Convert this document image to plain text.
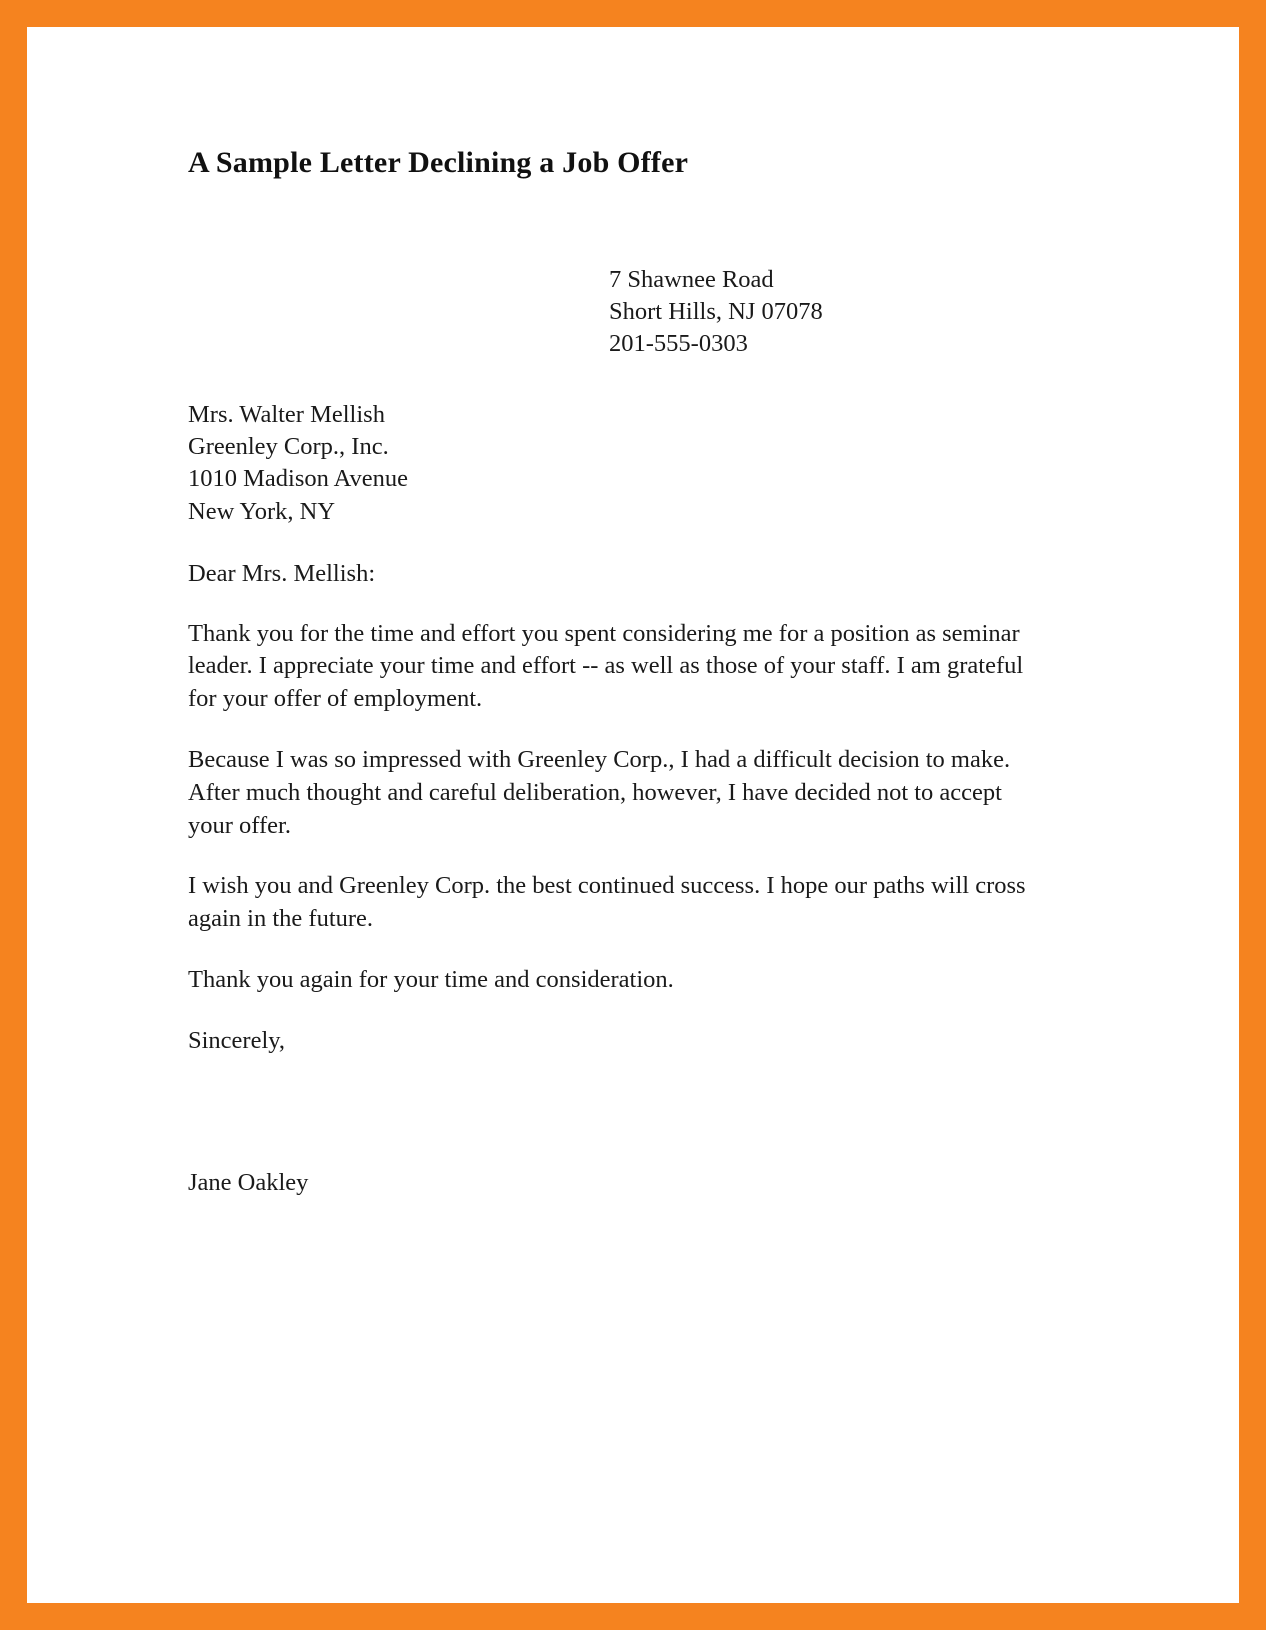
A Sample Letter Declining a Job Offer
7 Shawnee Road
Short Hills, NJ 07078
201-555-0303
Mrs. Walter Mellish
Greenley Corp., Inc.
1010 Madison Avenue
New York, NY
Dear Mrs. Mellish:

Thank you for the time and effort you spent considering me for a position as seminar leader. I appreciate your time and effort -- as well as those of your staff. I am grateful for your offer of employment.

Because I was so impressed with Greenley Corp., I had a difficult decision to make. After much thought and careful deliberation, however, I have decided not to accept your offer.

I wish you and Greenley Corp. the best continued success. I hope our paths will cross again in the future.

Thank you again for your time and consideration.

Sincerely,
Jane Oakley
